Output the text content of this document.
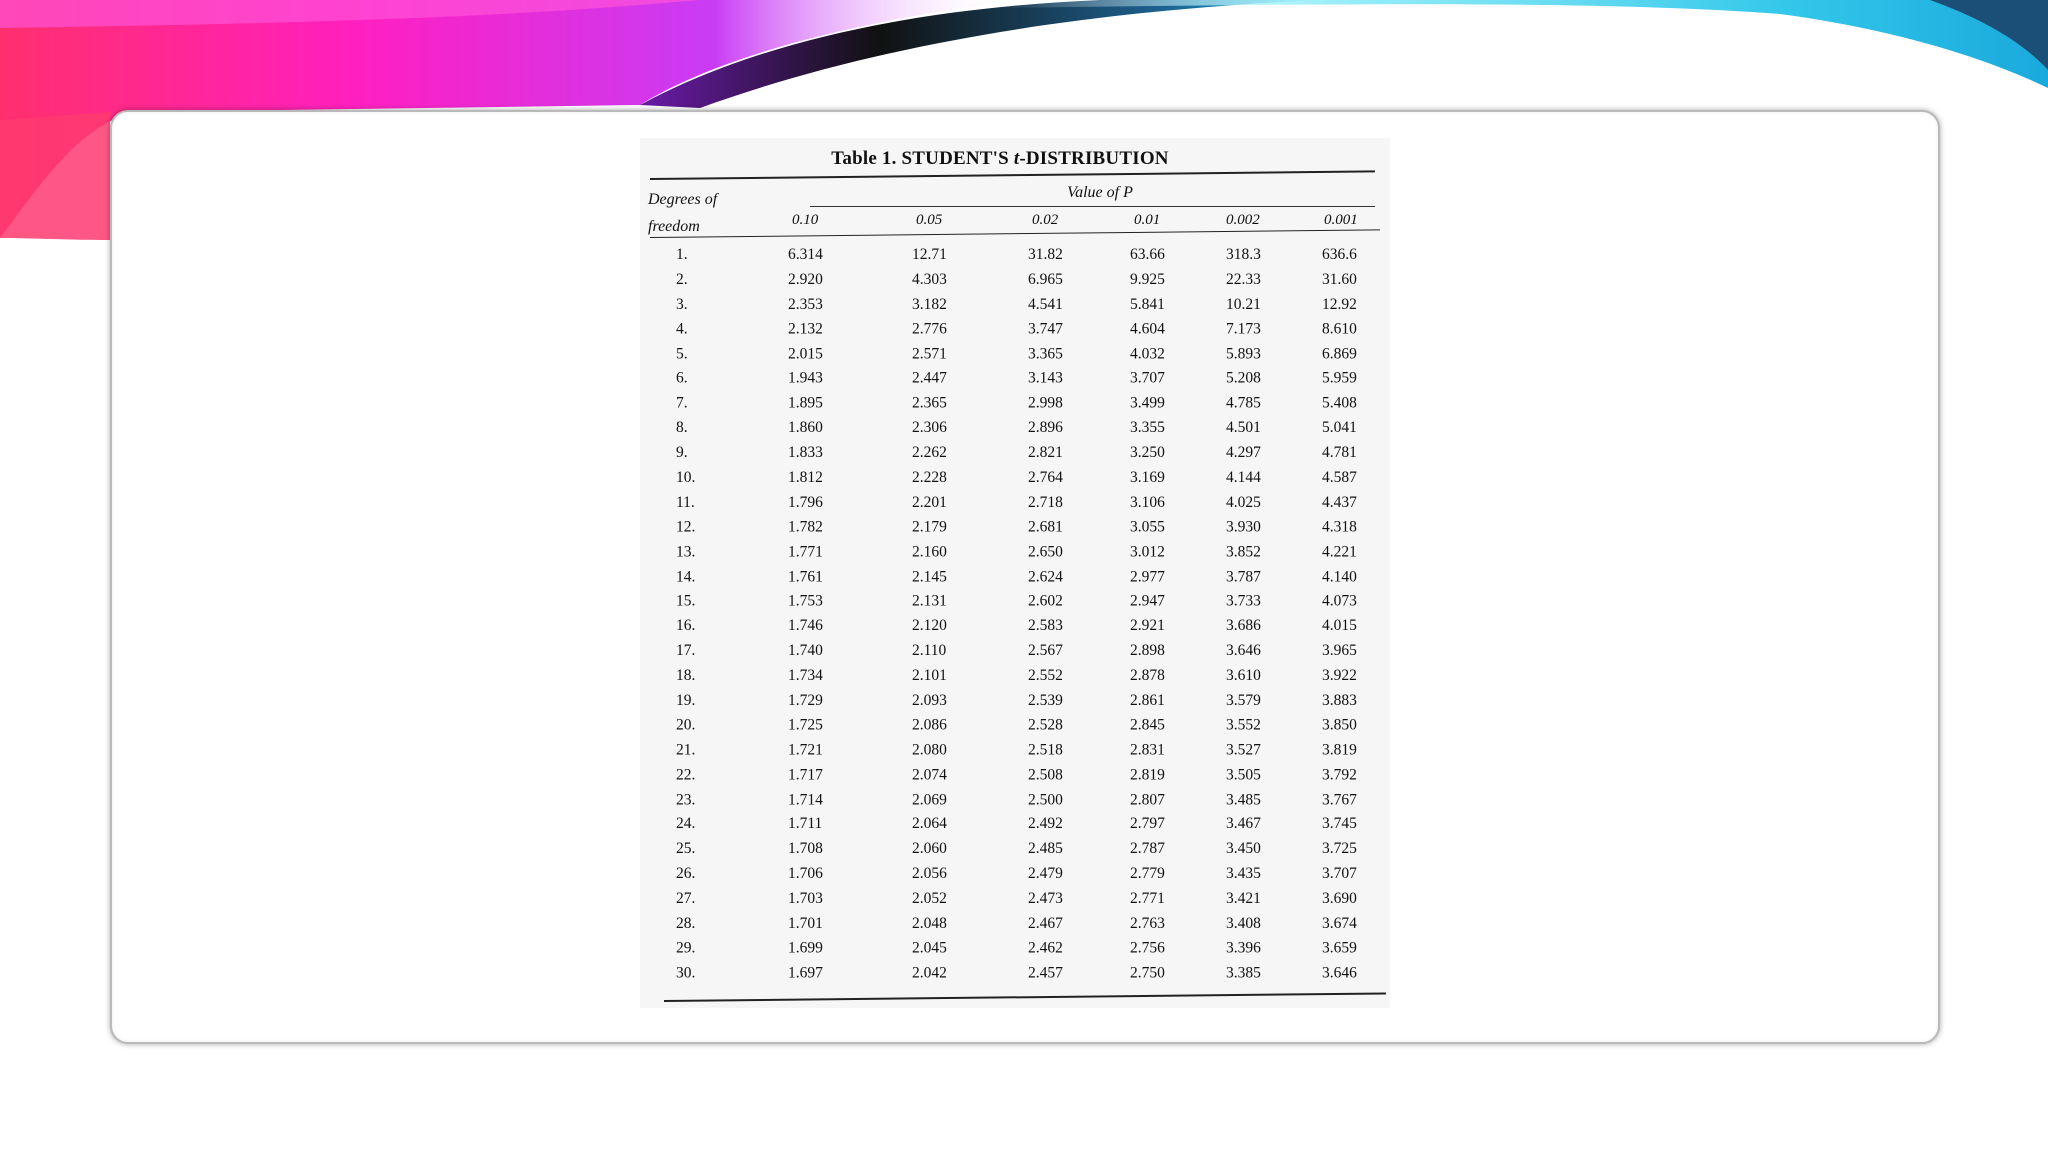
Table 1. STUDENT'S t-DISTRIBUTION
Degrees of
freedom
Value of P
0.10	0.05	0.02	0.01	0.002	0.001
1.	6.314	12.71	31.82	63.66	318.3	636.6
2.	2.920	4.303	6.965	9.925	22.33	31.60
3.	2.353	3.182	4.541	5.841	10.21	12.92
4.	2.132	2.776	3.747	4.604	7.173	8.610
5.	2.015	2.571	3.365	4.032	5.893	6.869
6.	1.943	2.447	3.143	3.707	5.208	5.959
7.	1.895	2.365	2.998	3.499	4.785	5.408
8.	1.860	2.306	2.896	3.355	4.501	5.041
9.	1.833	2.262	2.821	3.250	4.297	4.781
10.	1.812	2.228	2.764	3.169	4.144	4.587
11.	1.796	2.201	2.718	3.106	4.025	4.437
12.	1.782	2.179	2.681	3.055	3.930	4.318
13.	1.771	2.160	2.650	3.012	3.852	4.221
14.	1.761	2.145	2.624	2.977	3.787	4.140
15.	1.753	2.131	2.602	2.947	3.733	4.073
16.	1.746	2.120	2.583	2.921	3.686	4.015
17.	1.740	2.110	2.567	2.898	3.646	3.965
18.	1.734	2.101	2.552	2.878	3.610	3.922
19.	1.729	2.093	2.539	2.861	3.579	3.883
20.	1.725	2.086	2.528	2.845	3.552	3.850
21.	1.721	2.080	2.518	2.831	3.527	3.819
22.	1.717	2.074	2.508	2.819	3.505	3.792
23.	1.714	2.069	2.500	2.807	3.485	3.767
24.	1.711	2.064	2.492	2.797	3.467	3.745
25.	1.708	2.060	2.485	2.787	3.450	3.725
26.	1.706	2.056	2.479	2.779	3.435	3.707
27.	1.703	2.052	2.473	2.771	3.421	3.690
28.	1.701	2.048	2.467	2.763	3.408	3.674
29.	1.699	2.045	2.462	2.756	3.396	3.659
30.	1.697	2.042	2.457	2.750	3.385	3.646
